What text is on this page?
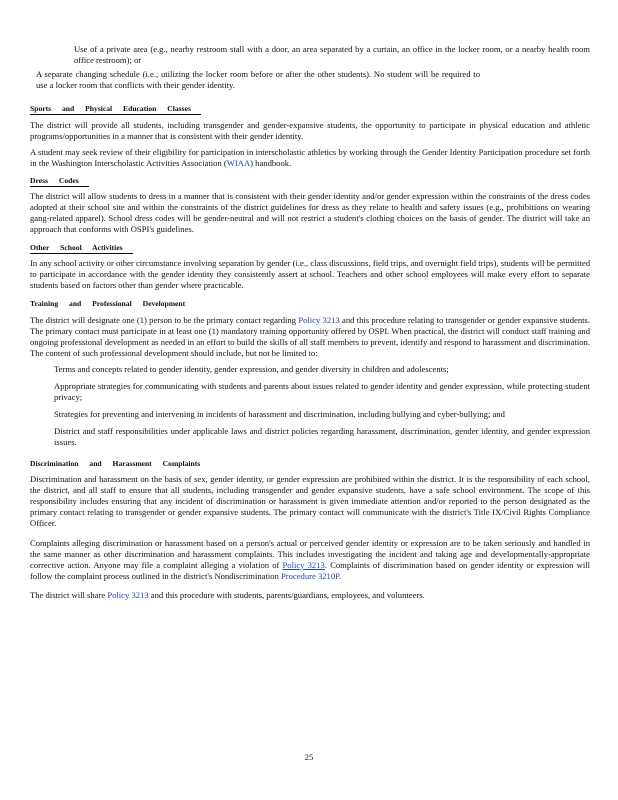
Use of a private area (e.g., nearby restroom stall with a door, an area separated by a curtain, an office in the locker room, or a nearby health room office restroom); or

A separate changing schedule (i.e., utilizing the locker room before or after the other students). No student will be required to use a locker room that conflicts with their gender identity.

Sports and Physical Education Classes

The district will provide all students, including transgender and gender-expansive students, the opportunity to participate in physical education and athletic programs/opportunities in a manner that is consistent with their gender identity.

A student may seek review of their eligibility for participation in interscholastic athletics by working through the Gender Identity Participation procedure set forth in the Washington Interscholastic Activities Association (WIAA) handbook.

Dress Codes

The district will allow students to dress in a manner that is consistent with their gender identity and/or gender expression within the constraints of the dress codes adopted at their school site and within the constraints of the district guidelines for dress as they relate to health and safety issues (e.g., prohibitions on wearing gang-related apparel). School dress codes will be gender-neutral and will not restrict a student's clothing choices on the basis of gender. The district will take an approach that conforms with OSPI's guidelines.

Other School Activities

In any school activity or other circumstance involving separation by gender (i.e., class discussions, field trips, and overnight field trips), students will be permitted to participate in accordance with the gender identity they consistently assert at school. Teachers and other school employees will make every effort to separate students based on factors other than gender where practicable.

Training and Professional Development

The district will designate one (1) person to be the primary contact regarding Policy 3213 and this procedure relating to transgender or gender expansive students. The primary contact must participate in at least one (1) mandatory training opportunity offered by OSPI. When practical, the district will conduct staff training and ongoing professional development as needed in an effort to build the skills of all staff members to prevent, identify and respond to harassment and discrimination. The content of such professional development should include, but not be limited to:

Terms and concepts related to gender identity, gender expression, and gender diversity in children and adolescents;

Appropriate strategies for communicating with students and parents about issues related to gender identity and gender expression, while protecting student privacy;

Strategies for preventing and intervening in incidents of harassment and discrimination, including bullying and cyber-bullying; and

District and staff responsibilities under applicable laws and district policies regarding harassment, discrimination, gender identity, and gender expression issues.

Discrimination and Harassment Complaints

Discrimination and harassment on the basis of sex, gender identity, or gender expression are prohibited within the district. It is the responsibility of each school, the district, and all staff to ensure that all students, including transgender and gender expansive students, have a safe school environment. The scope of this responsibility includes ensuring that any incident of discrimination or harassment is given immediate attention and/or reported to the person designated as the primary contact relating to transgender or gender expansive students. The primary contact will communicate with the district's Title IX/Civil Rights Compliance Officer.

Complaints alleging discrimination or harassment based on a person's actual or perceived gender identity or expression are to be taken seriously and handled in the same manner as other discrimination and harassment complaints. This includes investigating the incident and taking age and developmentally-appropriate corrective action. Anyone may file a complaint alleging a violation of Policy 3213. Complaints of discrimination based on gender identity or expression will follow the complaint process outlined in the district's Nondiscrimination Procedure 3210P.

The district will share Policy 3213 and this procedure with students, parents/guardians, employees, and volunteers.

25
